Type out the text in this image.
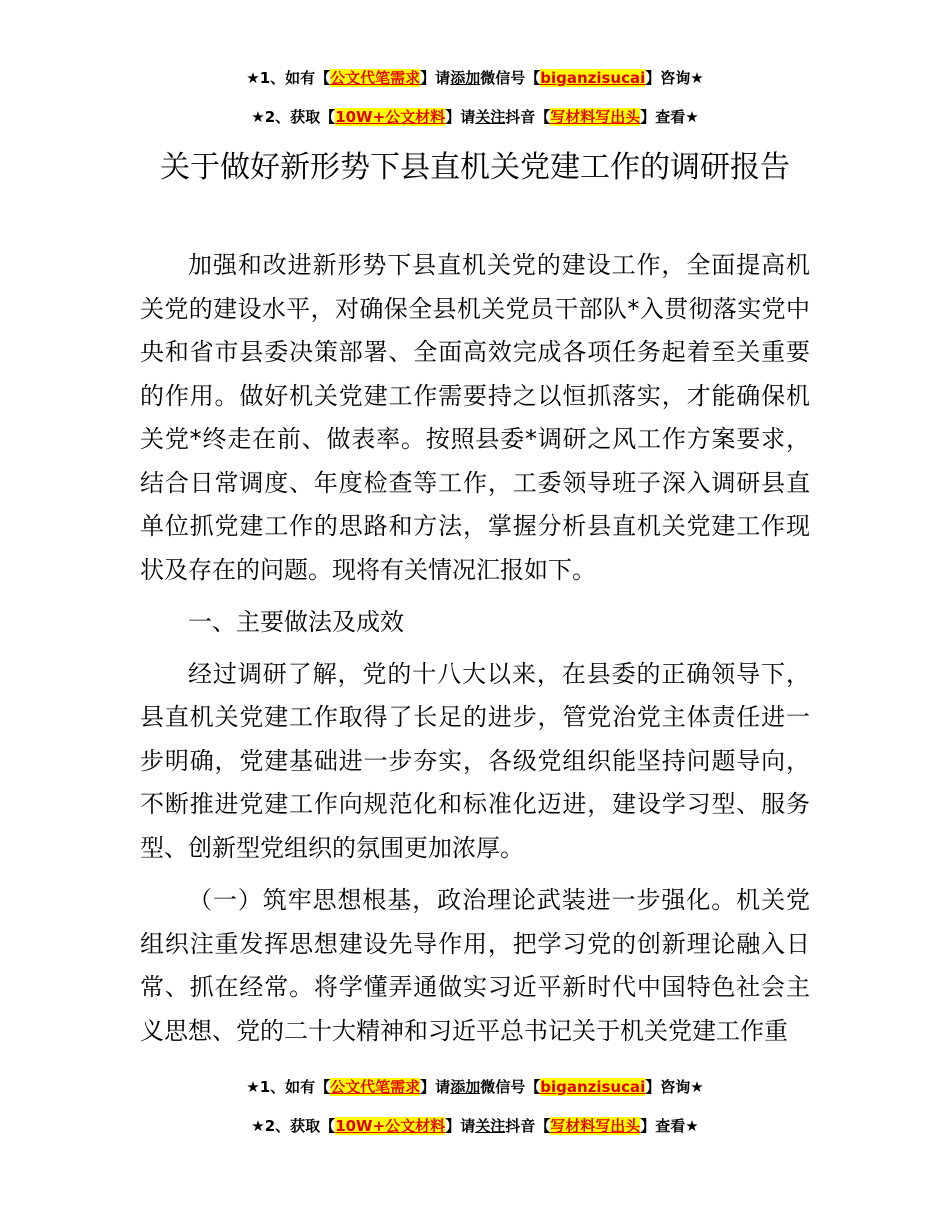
★1、如有【公文代笔需求】请添加微信号【biganzisucai】咨询★
★2、获取【10W+公文材料】请关注抖音【写材料写出头】查看★
关于做好新形势下县直机关党建工作的调研报告

加强和改进新形势下县直机关党的建设工作，全面提高机关党的建设水平，对确保全县机关党员干部队*入贯彻落实党中央和省市县委决策部署、全面高效完成各项任务起着至关重要的作用。做好机关党建工作需要持之以恒抓落实，才能确保机关党*终走在前、做表率。按照县委*调研之风工作方案要求，结合日常调度、年度检查等工作，工委领导班子深入调研县直单位抓党建工作的思路和方法，掌握分析县直机关党建工作现状及存在的问题。现将有关情况汇报如下。

一、主要做法及成效

经过调研了解，党的十八大以来，在县委的正确领导下，县直机关党建工作取得了长足的进步，管党治党主体责任进一步明确，党建基础进一步夯实，各级党组织能坚持问题导向，不断推进党建工作向规范化和标准化迈进，建设学习型、服务型、创新型党组织的氛围更加浓厚。

（一）筑牢思想根基，政治理论武装进一步强化。机关党组织注重发挥思想建设先导作用，把学习党的创新理论融入日常、抓在经常。将学懂弄通做实习近平新时代中国特色社会主义思想、党的二十大精神和习近平总书记关于机关党建工作重

★1、如有【公文代笔需求】请添加微信号【biganzisucai】咨询★
★2、获取【10W+公文材料】请关注抖音【写材料写出头】查看★
